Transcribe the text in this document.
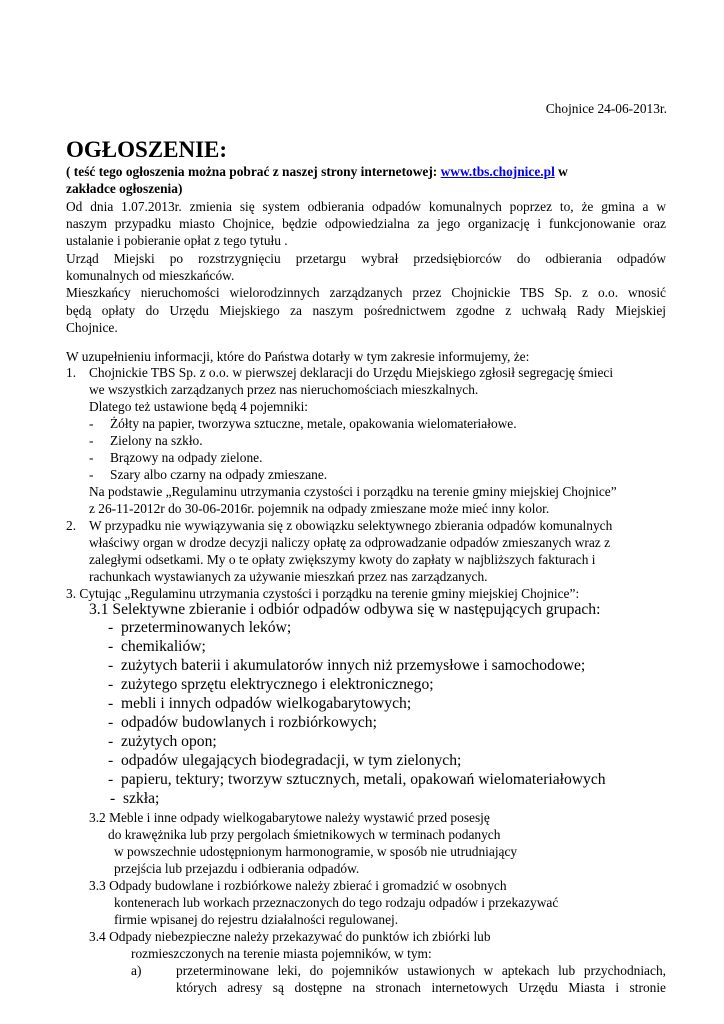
Chojnice 24-06-2013r.
OGŁOSZENIE:
( teść tego ogłoszenia można pobrać z naszej strony internetowej: www.tbs.chojnice.pl w
zakładce ogłoszenia)
Od dnia 1.07.2013r. zmienia się system odbierania odpadów komunalnych poprzez to, że gmina a w
naszym przypadku miasto Chojnice, będzie odpowiedzialna za jego organizację i funkcjonowanie oraz
ustalanie i pobieranie opłat z tego tytułu .
Urząd Miejski po rozstrzygnięciu przetargu wybrał przedsiębiorców do odbierania odpadów
komunalnych od mieszkańców.
Mieszkańcy nieruchomości wielorodzinnych zarządzanych przez Chojnickie TBS Sp. z o.o. wnosić
będą opłaty do Urzędu Miejskiego za naszym pośrednictwem zgodne z uchwałą Rady Miejskiej
Chojnice.
W uzupełnieniu informacji, które do Państwa dotarły w tym zakresie informujemy, że:
1. Chojnickie TBS Sp. z o.o. w pierwszej deklaracji do Urzędu Miejskiego zgłosił segregację śmieci
we wszystkich zarządzanych przez nas nieruchomościach mieszkalnych.
Dlatego też ustawione będą 4 pojemniki:
- Żółty na papier, tworzywa sztuczne, metale, opakowania wielomateriałowe.
- Zielony na szkło.
- Brązowy na odpady zielone.
- Szary albo czarny na odpady zmieszane.
Na podstawie „Regulaminu utrzymania czystości i porządku na terenie gminy miejskiej Chojnice”
z 26-11-2012r do 30-06-2016r. pojemnik na odpady zmieszane może mieć inny kolor.
2. W przypadku nie wywiązywania się z obowiązku selektywnego zbierania odpadów komunalnych
właściwy organ w drodze decyzji naliczy opłatę za odprowadzanie odpadów zmieszanych wraz z
zaległymi odsetkami. My o te opłaty zwiększymy kwoty do zapłaty w najbliższych fakturach i
rachunkach wystawianych za używanie mieszkań przez nas zarządzanych.
3. Cytując „Regulaminu utrzymania czystości i porządku na terenie gminy miejskiej Chojnice”:
3.1 Selektywne zbieranie i odbiór odpadów odbywa się w następujących grupach:
- przeterminowanych leków;
- chemikaliów;
- zużytych baterii i akumulatorów innych niż przemysłowe i samochodowe;
- zużytego sprzętu elektrycznego i elektronicznego;
- mebli i innych odpadów wielkogabarytowych;
- odpadów budowlanych i rozbiórkowych;
- zużytych opon;
- odpadów ulegających biodegradacji, w tym zielonych;
- papieru, tektury; tworzyw sztucznych, metali, opakowań wielomateriałowych
- szkła;
3.2 Meble i inne odpady wielkogabarytowe należy wystawić przed posesję
do krawężnika lub przy pergolach śmietnikowych w terminach podanych
w powszechnie udostępnionym harmonogramie, w sposób nie utrudniający
przejścia lub przejazdu i odbierania odpadów.
3.3 Odpady budowlane i rozbiórkowe należy zbierać i gromadzić w osobnych
kontenerach lub workach przeznaczonych do tego rodzaju odpadów i przekazywać
firmie wpisanej do rejestru działalności regulowanej.
3.4 Odpady niebezpieczne należy przekazywać do punktów ich zbiórki lub
rozmieszczonych na terenie miasta pojemników, w tym:
a)	przeterminowane leki, do pojemników ustawionych w aptekach lub przychodniach,
których adresy są dostępne na stronach internetowych Urzędu Miasta i stronie
